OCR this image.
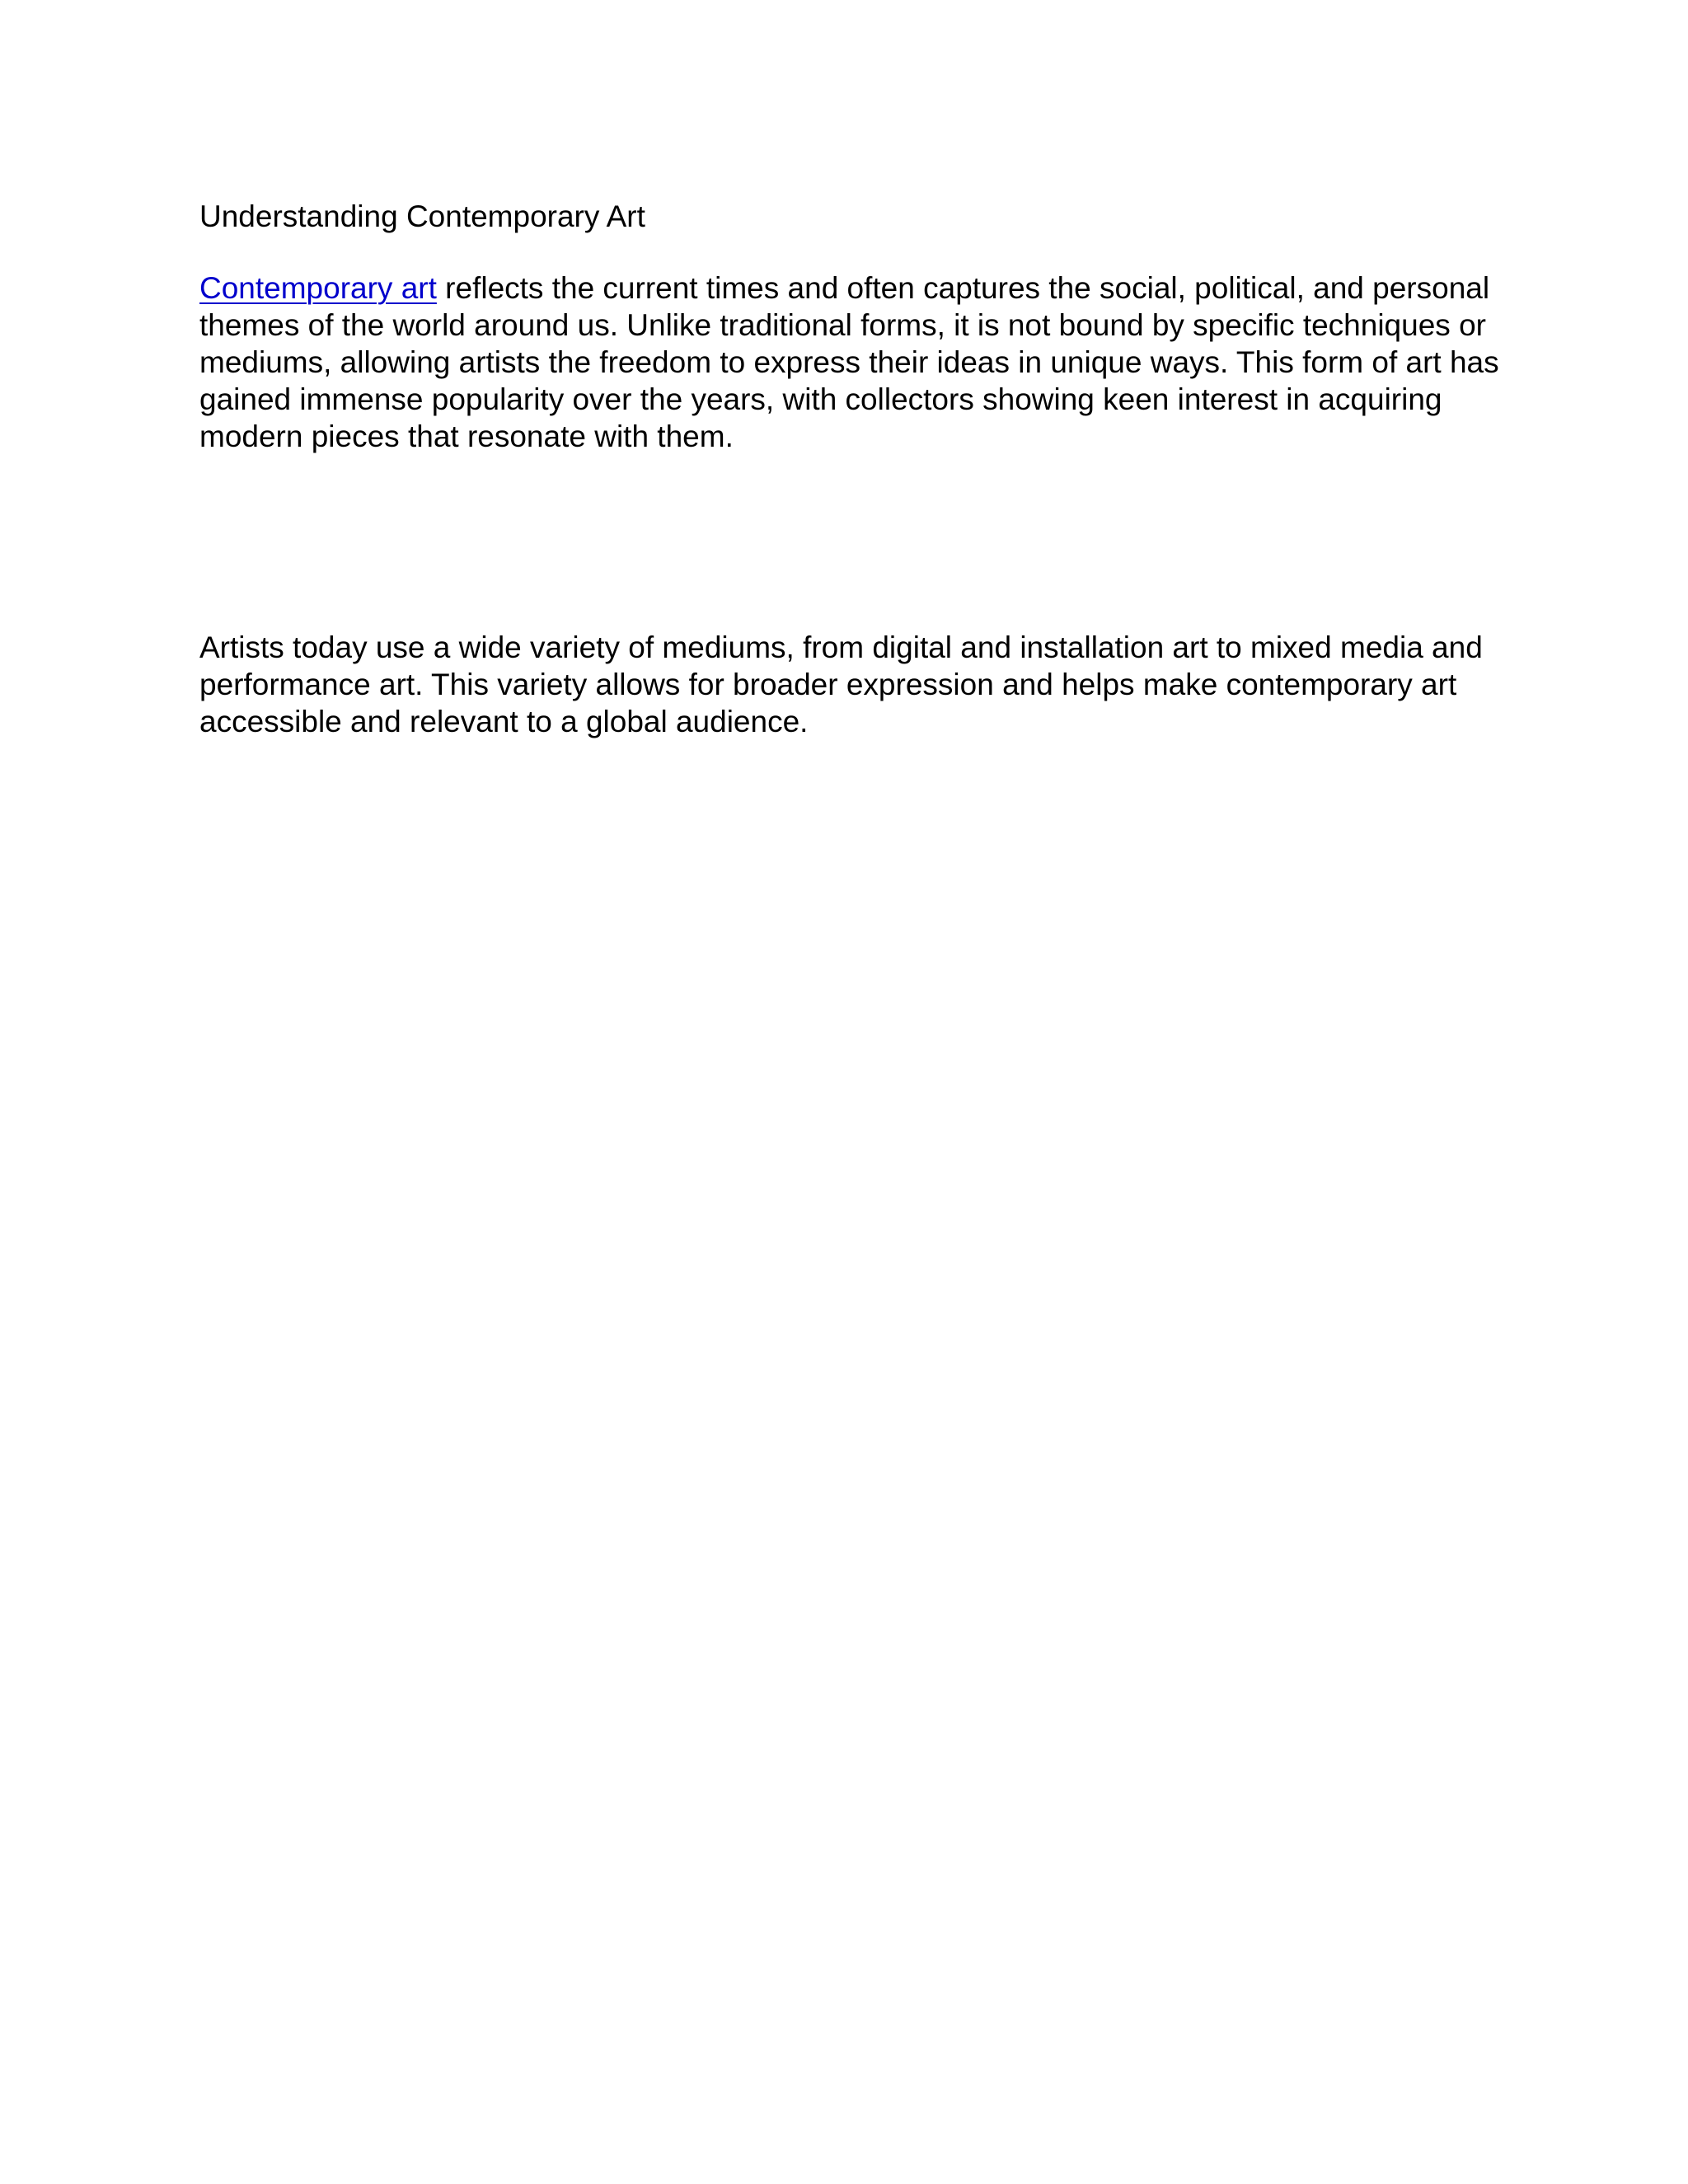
Understanding Contemporary Art

Contemporary art reflects the current times and often captures the social, political, and personal themes of the world around us. Unlike traditional forms, it is not bound by specific techniques or mediums, allowing artists the freedom to express their ideas in unique ways. This form of art has gained immense popularity over the years, with collectors showing keen interest in acquiring modern pieces that resonate with them.

Artists today use a wide variety of mediums, from digital and installation art to mixed media and performance art. This variety allows for broader expression and helps make contemporary art accessible and relevant to a global audience.
